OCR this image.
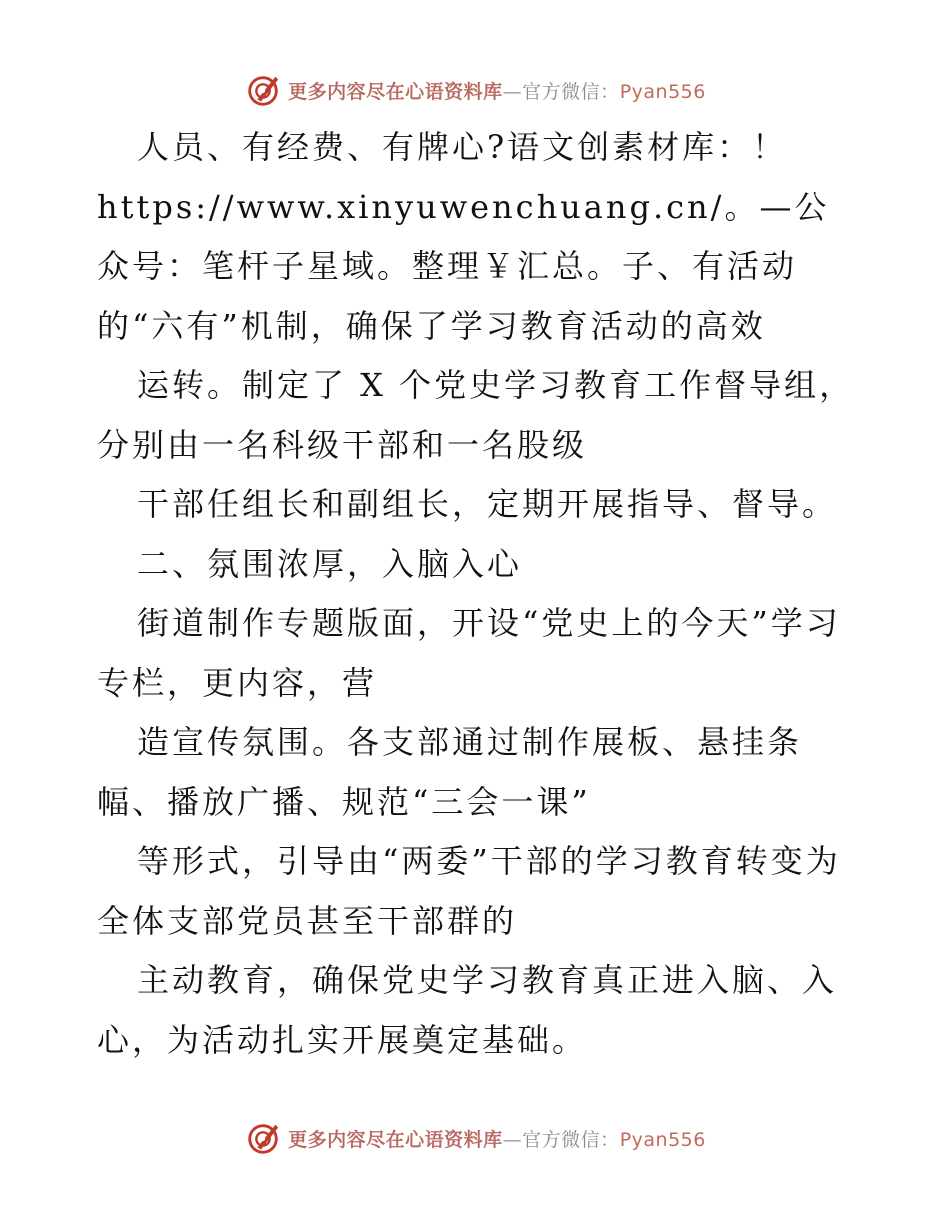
更多内容尽在心语资料库—官方微信：Pyan556

人员、有经费、有牌心?语文创素材库：！https://www.xinyuwenchuang.cn/。—公众号：笔杆子星域。整理￥汇总。子、有活动的“六有”机制，确保了学习教育活动的高效

运转。制定了 X 个党史学习教育工作督导组，分别由一名科级干部和一名股级

干部任组长和副组长，定期开展指导、督导。

二、氛围浓厚，入脑入心

街道制作专题版面，开设“党史上的今天”学习专栏，更内容，营

造宣传氛围。各支部通过制作展板、悬挂条幅、播放广播、规范“三会一课”

等形式，引导由“两委”干部的学习教育转变为全体支部党员甚至干部群的

主动教育，确保党史学习教育真正进入脑、入心，为活动扎实开展奠定基础。

更多内容尽在心语资料库—官方微信：Pyan556
